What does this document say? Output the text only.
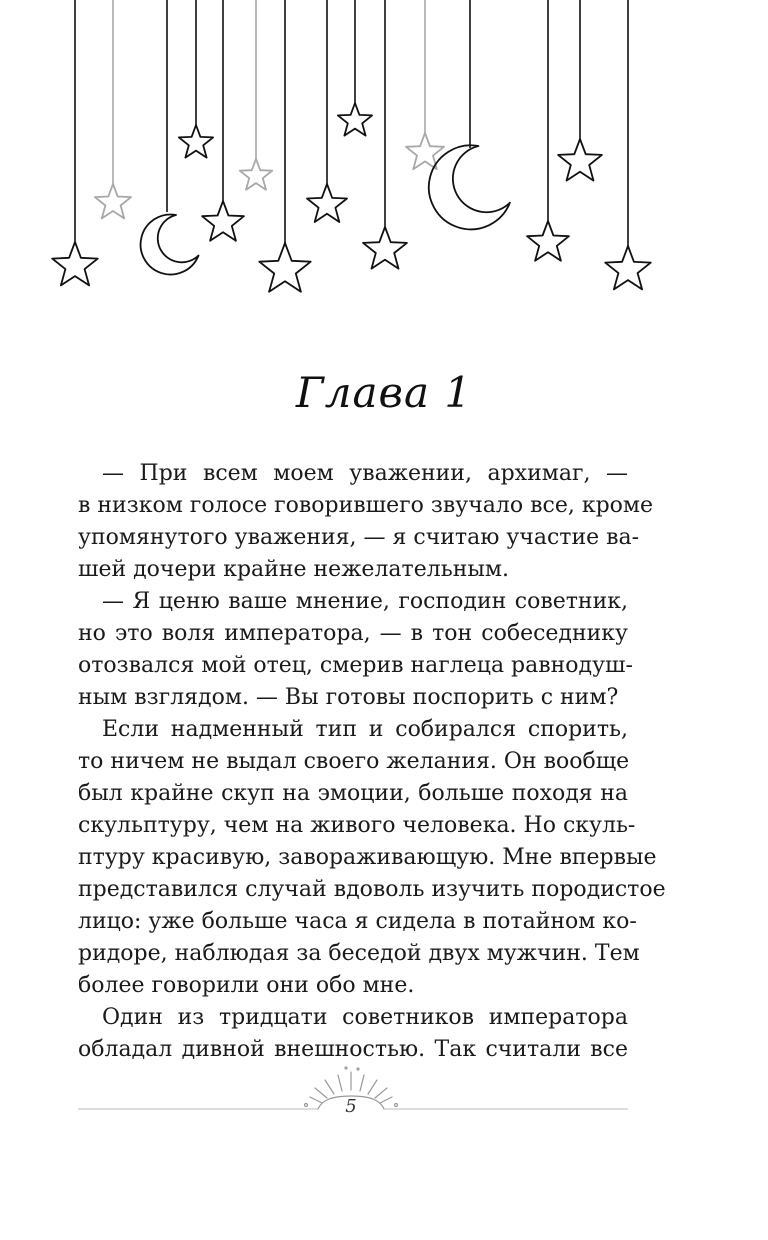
Глава 1

— При всем моем уважении, архимаг, —
в низком голосе говорившего звучало все, кроме
упомянутого уважения, — я считаю участие ва-
шей дочери крайне нежелательным.

— Я ценю ваше мнение, господин советник,
но это воля императора, — в тон собеседнику
отозвался мой отец, смерив наглеца равнодуш-
ным взглядом. — Вы готовы поспорить с ним?

Если надменный тип и собирался спорить,
то ничем не выдал своего желания. Он вообще
был крайне скуп на эмоции, больше походя на
скульптуру, чем на живого человека. Но скуль-
птуру красивую, завораживающую. Мне впервые
представился случай вдоволь изучить породистое
лицо: уже больше часа я сидела в потайном ко-
ридоре, наблюдая за беседой двух мужчин. Тем
более говорили они обо мне.

Один из тридцати советников императора
обладал дивной внешностью. Так считали все

5
